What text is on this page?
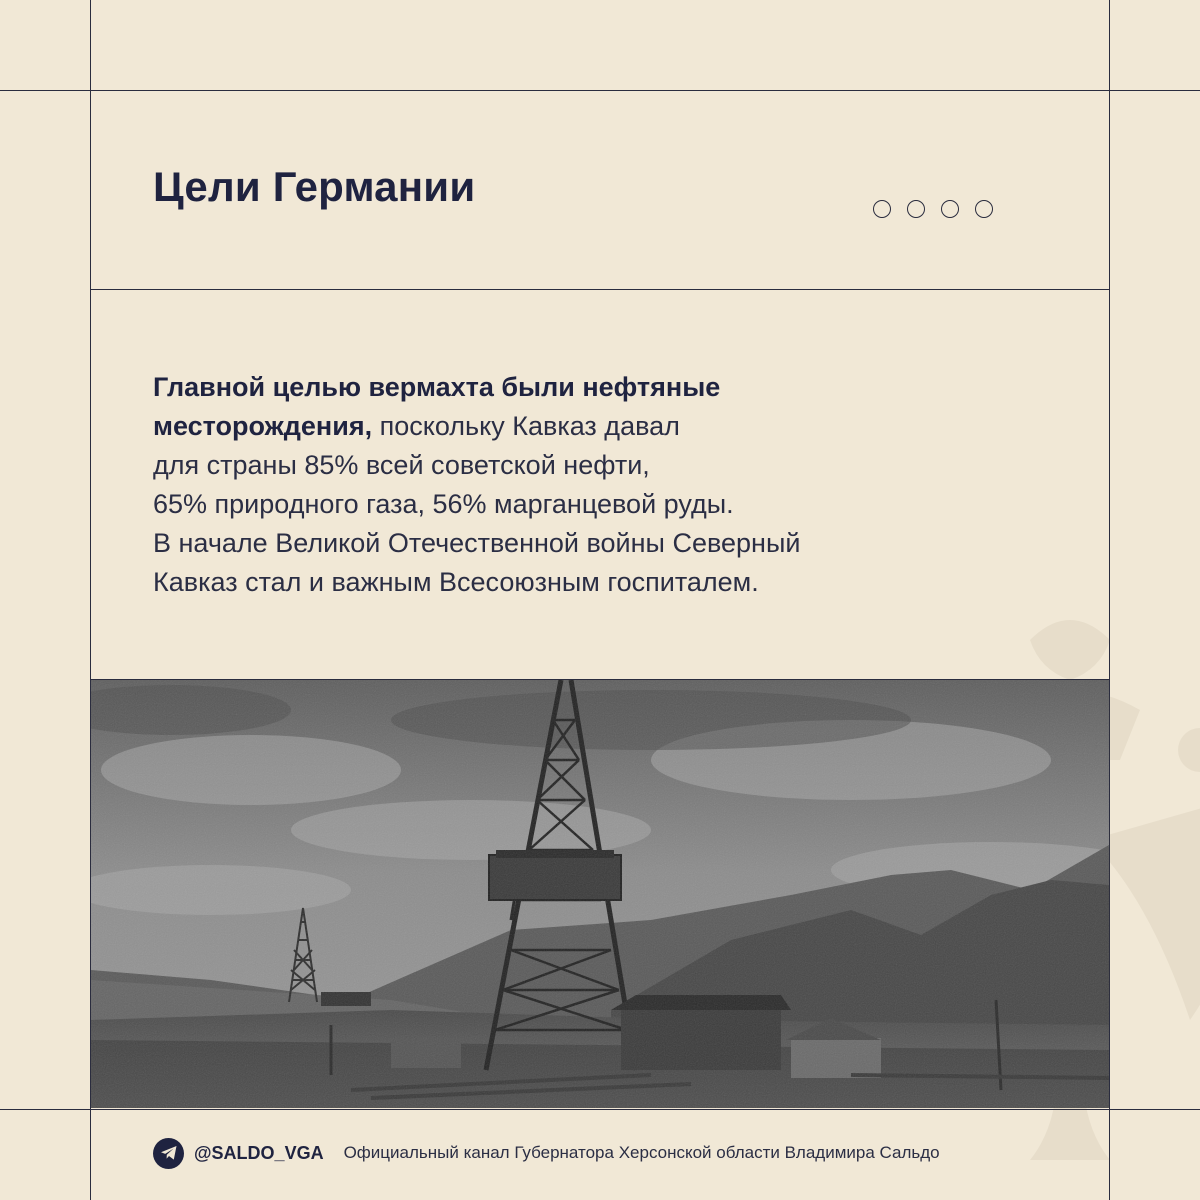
Цели Германии

Главной целью вермахта были нефтяные
месторождения, поскольку Кавказ давал
для страны 85% всей советской нефти,
65% природного газа, 56% марганцевой руды.
В начале Великой Отечественной войны Северный
Кавказ стал и важным Всесоюзным госпиталем.

@SALDO_VGA Официальный канал Губернатора Херсонской области Владимира Сальдо
